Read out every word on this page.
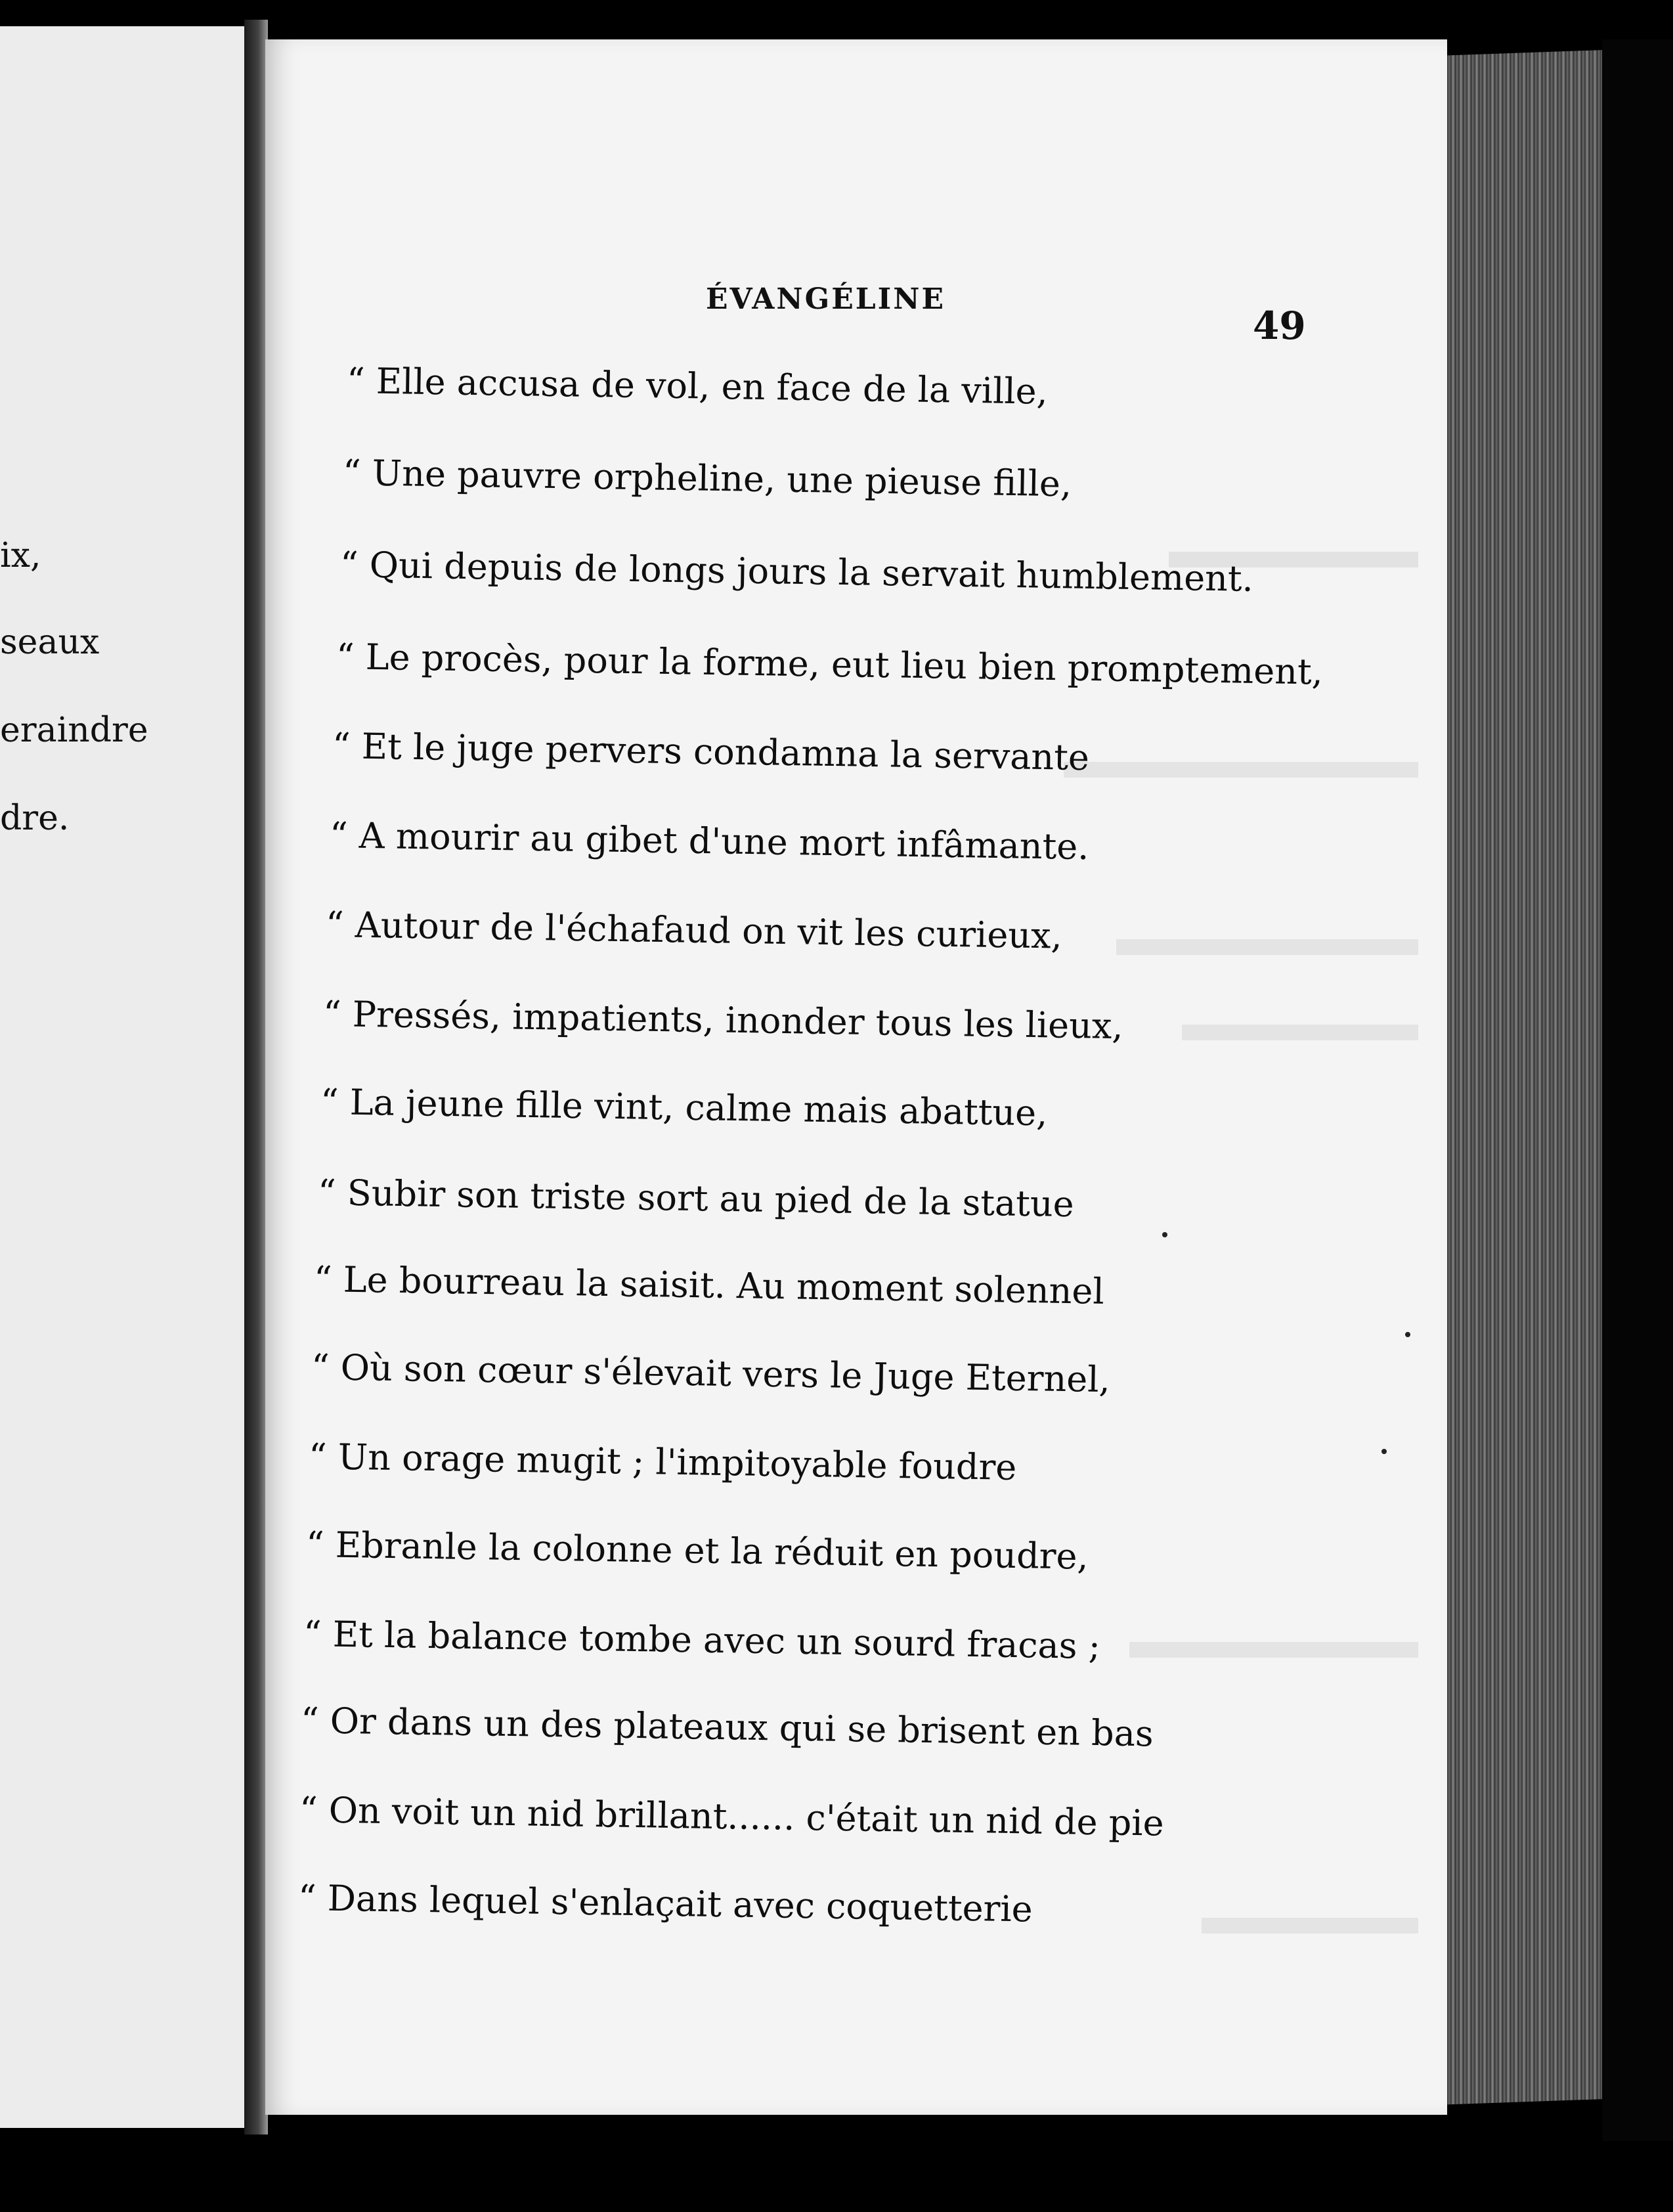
ix,
seaux
eraindre
dre.
ÉVANGÉLINE
49
“ Elle accusa de vol, en face de la ville,
“ Une pauvre orpheline, une pieuse fille,
“ Qui depuis de longs jours la servait humblement.
“ Le procès, pour la forme, eut lieu bien promptement,
“ Et le juge pervers condamna la servante
“ A mourir au gibet d'une mort infâmante.
“ Autour de l'échafaud on vit les curieux,
“ Pressés, impatients, inonder tous les lieux,
“ La jeune fille vint, calme mais abattue,
“ Subir son triste sort au pied de la statue
“ Le bourreau la saisit. Au moment solennel
“ Où son cœur s'élevait vers le Juge Eternel,
“ Un orage mugit ; l'impitoyable foudre
“ Ebranle la colonne et la réduit en poudre,
“ Et la balance tombe avec un sourd fracas ;
“ Or dans un des plateaux qui se brisent en bas
“ On voit un nid brillant...... c'était un nid de pie
“ Dans lequel s'enlaçait avec coquetterie
